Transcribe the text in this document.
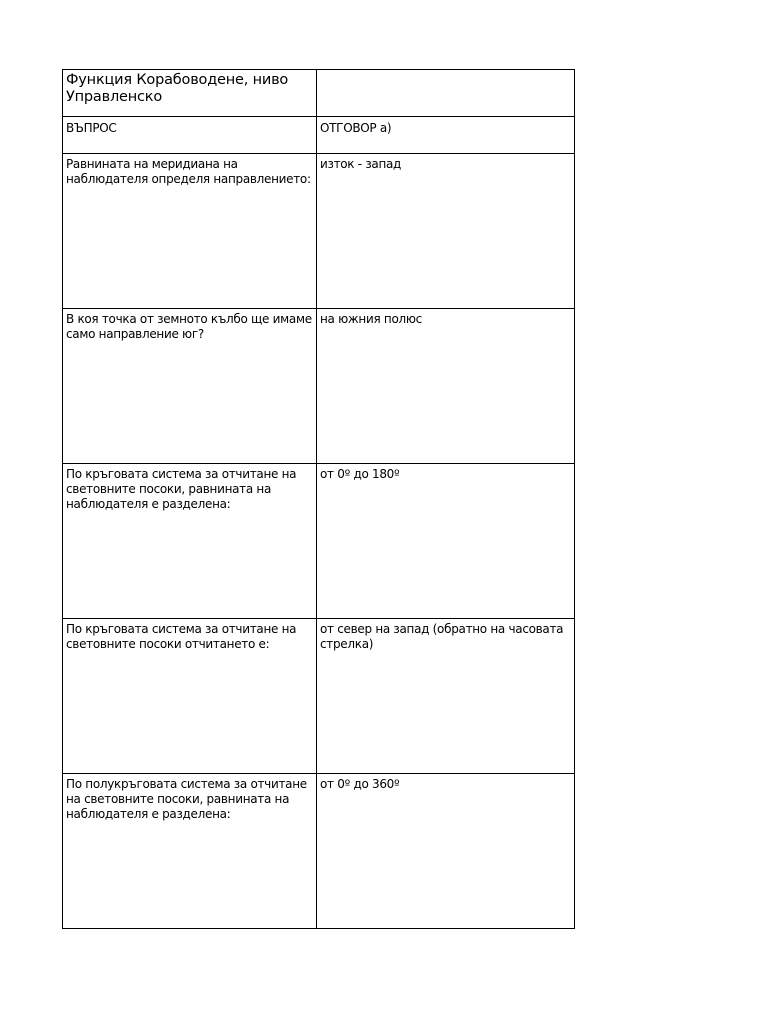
Функция Корабоводене, ниво Управленско	
ВЪПРОС	ОТГОВОР а)
Равнината на меридиана на наблюдателя определя направлението:	изток - запад
В коя точка от земното кълбо ще имаме само направление юг?	на южния полюс
По кръговата система за отчитане на световните посоки, равнината на наблюдателя е разделена:	от 0º до 180º
По кръговата система за отчитане на световните посоки отчитането е:	от север на запад (обратно на часовата стрелка)
По полукръговата система за отчитане на световните посоки, равнината на наблюдателя е разделена:	от 0º до 360º
